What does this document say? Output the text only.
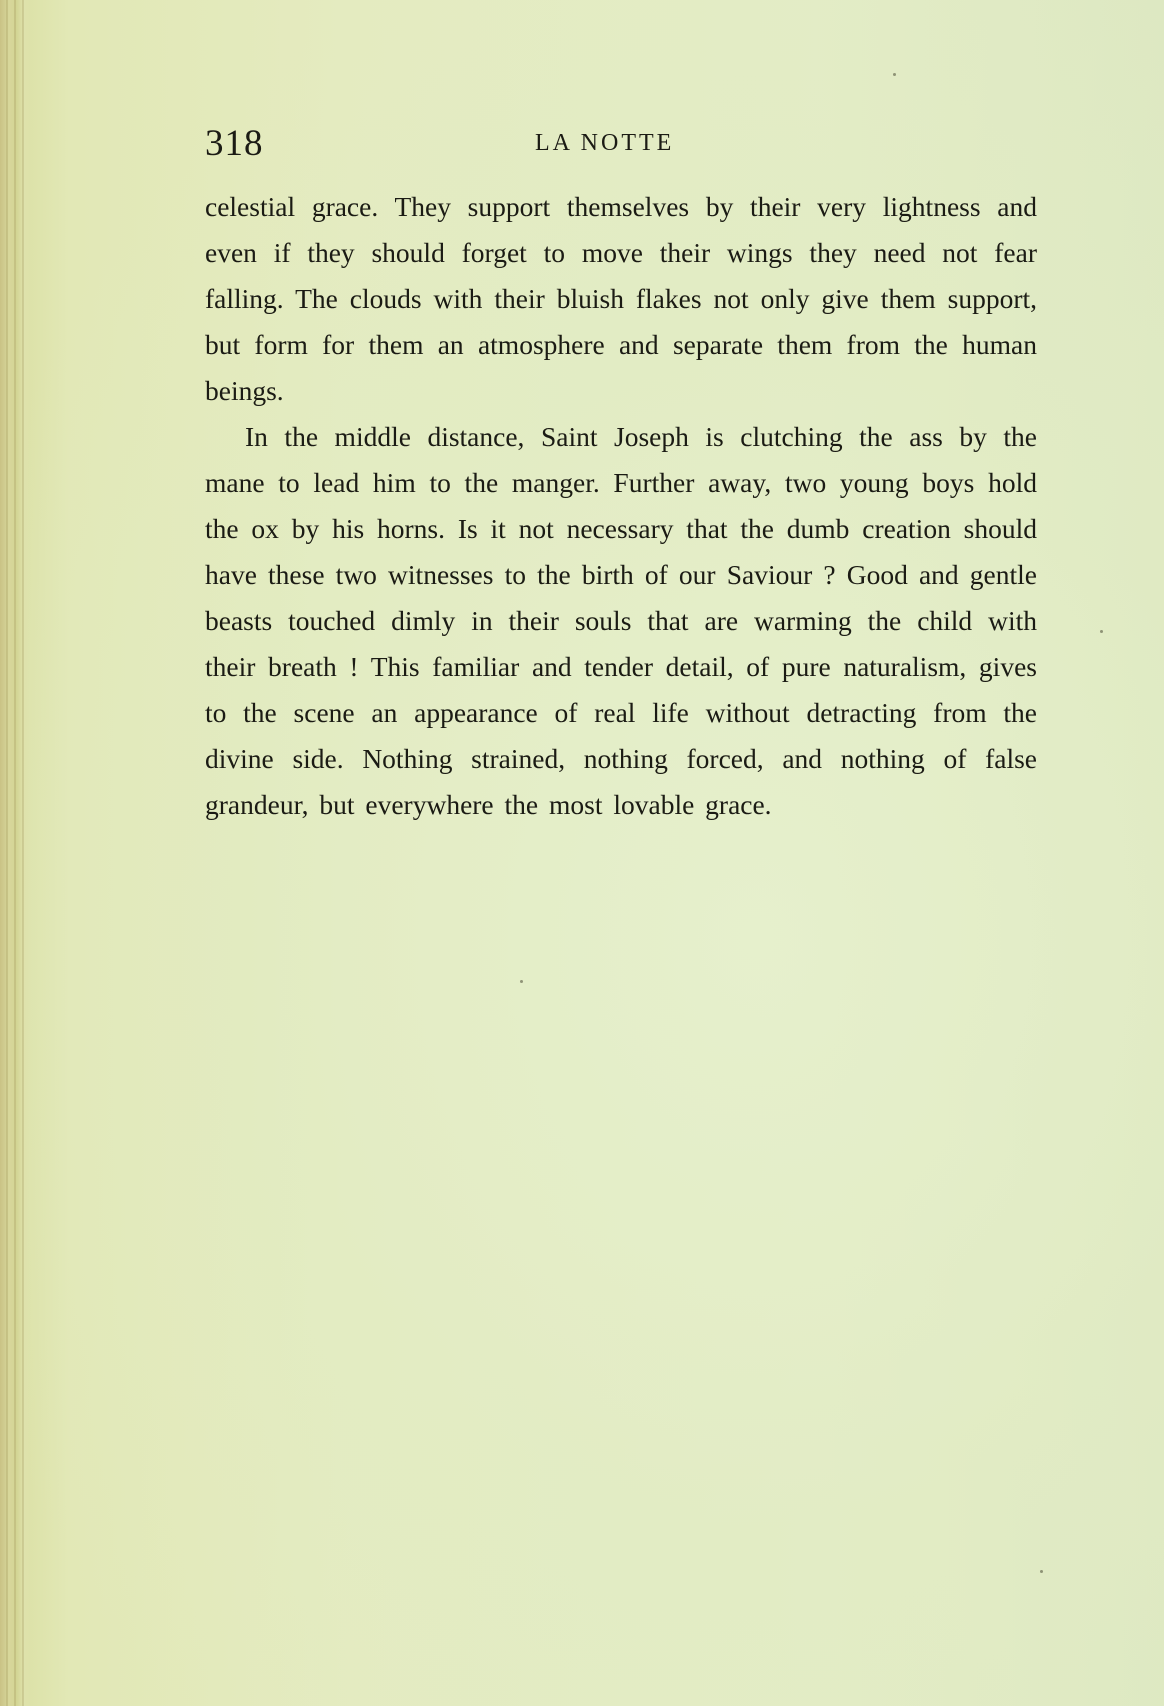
318	LA NOTTE

celestial grace. They support themselves by their very lightness and even if they should forget to move their wings they need not fear falling. The clouds with their bluish flakes not only give them support, but form for them an atmosphere and separate them from the human beings.

In the middle distance, Saint Joseph is clutching the ass by the mane to lead him to the manger. Further away, two young boys hold the ox by his horns. Is it not necessary that the dumb creation should have these two witnesses to the birth of our Saviour ? Good and gentle beasts touched dimly in their souls that are warming the child with their breath ! This familiar and tender detail, of pure naturalism, gives to the scene an appearance of real life without detracting from the divine side. Nothing strained, nothing forced, and nothing of false grandeur, but everywhere the most lovable grace.
